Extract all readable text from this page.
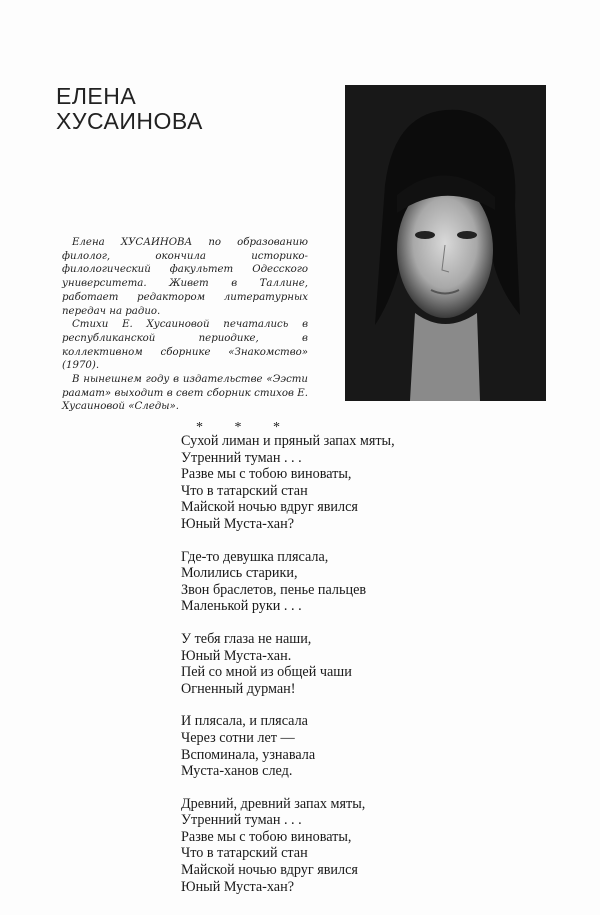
ЕЛЕНА
ХУСАИНОВА

Елена ХУСАИНОВА по образованию филолог, окончила историко-филологический факультет Одесского университета. Живет в Таллине, работает редактором литературных передач на радио.

Стихи Е. Хусаиновой печатались в республиканской периодике, в коллективном сборнике «Знакомство» (1970).

В нынешнем году в издательстве «Ээсти раамат» выходит в свет сборник стихов Е. Хусаиновой «Следы».

* * *
Сухой лиман и пряный запах мяты,
Утренний туман . . .
Разве мы с тобою виноваты,
Что в татарский стан
Майской ночью вдруг явился
Юный Муста-хан?
Где-то девушка плясала,
Молились старики,
Звон браслетов, пенье пальцев
Маленькой руки . . .
У тебя глаза не наши,
Юный Муста-хан.
Пей со мной из общей чаши
Огненный дурман!
И плясала, и плясала
Через сотни лет —
Вспоминала, узнавала
Муста-ханов след.
Древний, древний запах мяты,
Утренний туман . . .
Разве мы с тобою виноваты,
Что в татарский стан
Майской ночью вдруг явился
Юный Муста-хан?
